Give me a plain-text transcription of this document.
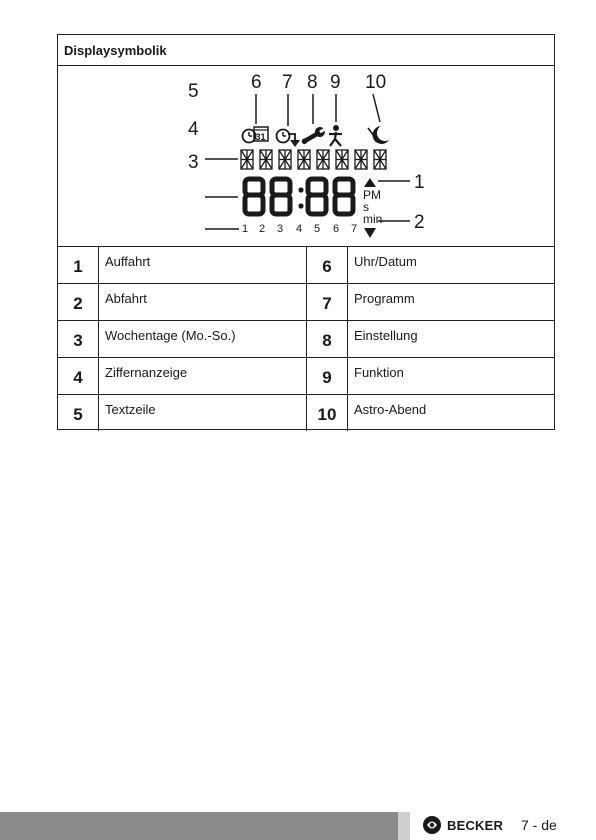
Displaysymbolik
6 7 8 9 10
31
5
4
3
PM
s
min
1
2
1 2 3 4 5 6 7
1	Auffahrt	6	Uhr/Datum
2	Abfahrt	7	Programm
3	Wochentage (Mo.-So.)	8	Einstellung
4	Ziffernanzeige	9	Funktion
5	Textzeile	10	Astro-Abend
BECKER 7 - de
